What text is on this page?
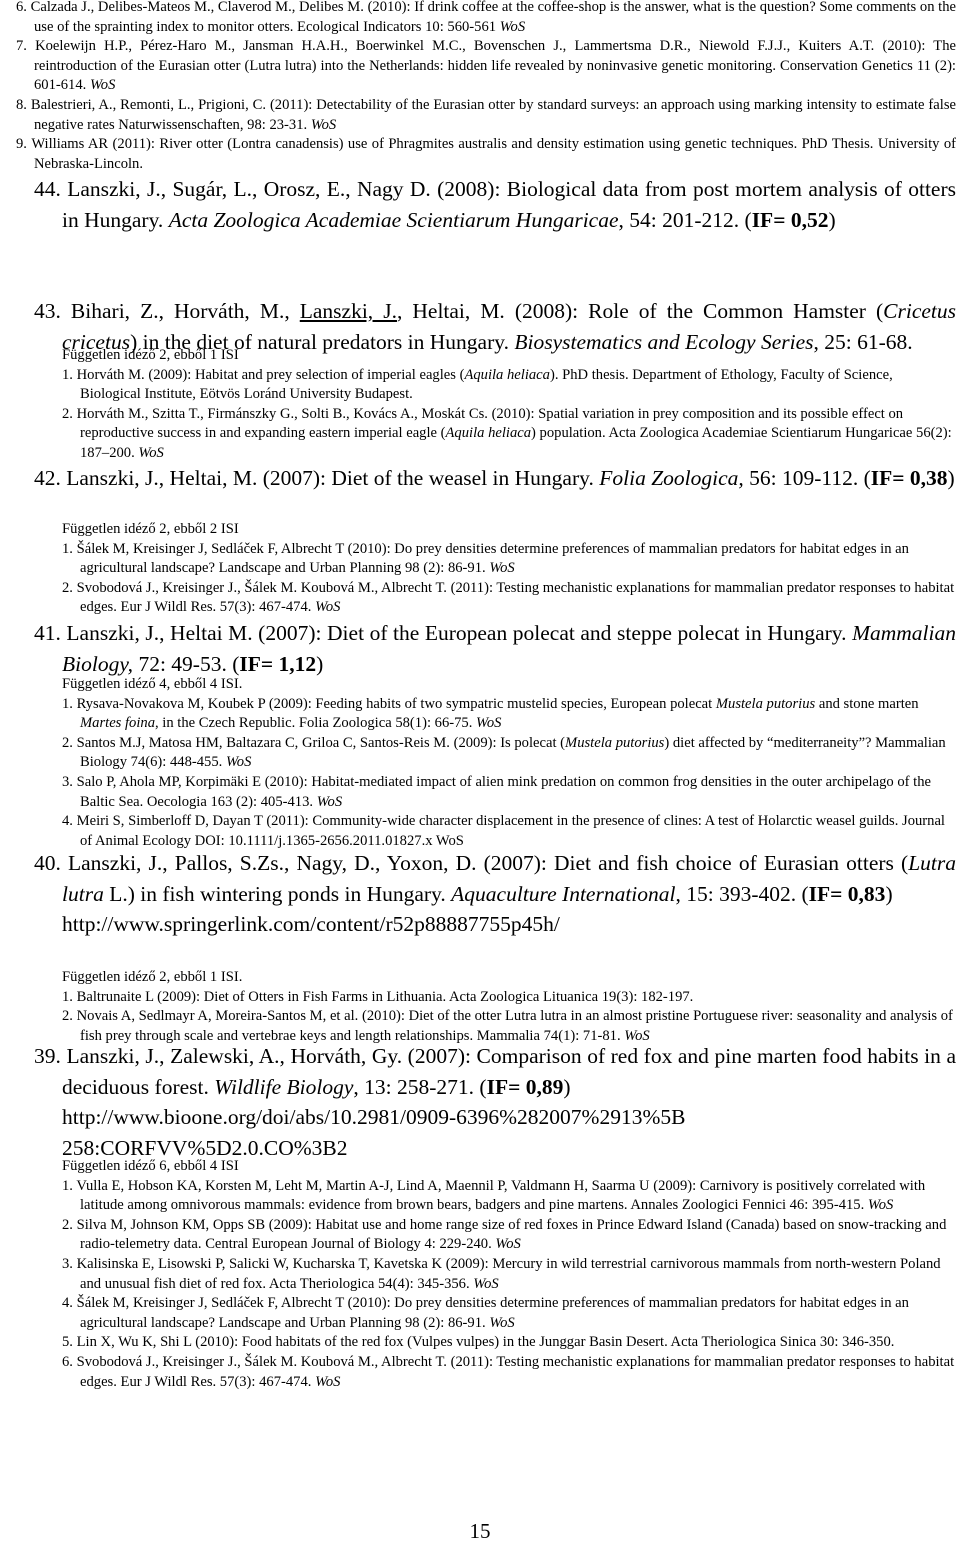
6. Calzada J., Delibes-Mateos M., Claverod M., Delibes M. (2010): If drink coffee at the coffee-shop is the answer, what is the question? Some comments on the use of the sprainting index to monitor otters. Ecological Indicators 10: 560-561 WoS
7. Koelewijn H.P., Pérez-Haro M., Jansman H.A.H., Boerwinkel M.C., Bovenschen J., Lammertsma D.R., Niewold F.J.J., Kuiters A.T. (2010): The reintroduction of the Eurasian otter (Lutra lutra) into the Netherlands: hidden life revealed by noninvasive genetic monitoring. Conservation Genetics 11 (2): 601-614. WoS
8. Balestrieri, A., Remonti, L., Prigioni, C. (2011): Detectability of the Eurasian otter by standard surveys: an approach using marking intensity to estimate false negative rates Naturwissenschaften, 98: 23-31. WoS
9. Williams AR (2011): River otter (Lontra canadensis) use of Phragmites australis and density estimation using genetic techniques. PhD Thesis. University of Nebraska-Lincoln.
44. Lanszki, J., Sugár, L., Orosz, E., Nagy D. (2008): Biological data from post mortem analysis of otters in Hungary. Acta Zoologica Academiae Scientiarum Hungaricae, 54: 201-212. (IF= 0,52)
43. Bihari, Z., Horváth, M., Lanszki, J., Heltai, M. (2008): Role of the Common Hamster (Cricetus cricetus) in the diet of natural predators in Hungary. Biosystematics and Ecology Series, 25: 61-68.
Független idéző 2, ebből 1 ISI
1. Horváth M. (2009): Habitat and prey selection of imperial eagles (Aquila heliaca). PhD thesis. Department of Ethology, Faculty of Science, Biological Institute, Eötvös Loránd University Budapest.
2. Horváth M., Szitta T., Firmánszky G., Solti B., Kovács A., Moskát Cs. (2010): Spatial variation in prey composition and its possible effect on reproductive success in and expanding eastern imperial eagle (Aquila heliaca) population. Acta Zoologica Academiae Scientiarum Hungaricae 56(2): 187–200. WoS
42. Lanszki, J., Heltai, M. (2007): Diet of the weasel in Hungary. Folia Zoologica, 56: 109-112. (IF= 0,38)
Független idéző 2, ebből 2 ISI
1. Šálek M, Kreisinger J, Sedláček F, Albrecht T (2010): Do prey densities determine preferences of mammalian predators for habitat edges in an agricultural landscape? Landscape and Urban Planning 98 (2): 86-91. WoS
2. Svobodová J., Kreisinger J., Šálek M. Koubová M., Albrecht T. (2011): Testing mechanistic explanations for mammalian predator responses to habitat edges. Eur J Wildl Res. 57(3): 467-474. WoS
41. Lanszki, J., Heltai M. (2007): Diet of the European polecat and steppe polecat in Hungary. Mammalian Biology, 72: 49-53. (IF= 1,12)
Független idéző 4, ebből 4 ISI.
1. Rysava-Novakova M, Koubek P (2009): Feeding habits of two sympatric mustelid species, European polecat Mustela putorius and stone marten Martes foina, in the Czech Republic. Folia Zoologica 58(1): 66-75. WoS
2. Santos M.J, Matosa HM, Baltazara C, Griloa C, Santos-Reis M. (2009): Is polecat (Mustela putorius) diet affected by “mediterraneity”? Mammalian Biology 74(6): 448-455. WoS
3. Salo P, Ahola MP, Korpimäki E (2010): Habitat-mediated impact of alien mink predation on common frog densities in the outer archipelago of the Baltic Sea. Oecologia 163 (2): 405-413. WoS
4. Meiri S, Simberloff D, Dayan T (2011): Community-wide character displacement in the presence of clines: A test of Holarctic weasel guilds. Journal of Animal Ecology DOI: 10.1111/j.1365-2656.2011.01827.x WoS
40. Lanszki, J., Pallos, S.Zs., Nagy, D., Yoxon, D. (2007): Diet and fish choice of Eurasian otters (Lutra lutra L.) in fish wintering ponds in Hungary. Aquaculture International, 15: 393-402. (IF= 0,83)
http://www.springerlink.com/content/r52p88887755p45h/
Független idéző 2, ebből 1 ISI.
1. Baltrunaite L (2009): Diet of Otters in Fish Farms in Lithuania. Acta Zoologica Lituanica 19(3): 182-197.
2. Novais A, Sedlmayr A, Moreira-Santos M, et al. (2010): Diet of the otter Lutra lutra in an almost pristine Portuguese river: seasonality and analysis of fish prey through scale and vertebrae keys and length relationships. Mammalia 74(1): 71-81. WoS
39. Lanszki, J., Zalewski, A., Horváth, Gy. (2007): Comparison of red fox and pine marten food habits in a deciduous forest. Wildlife Biology, 13: 258-271. (IF= 0,89)
http://www.bioone.org/doi/abs/10.2981/0909-6396%282007%2913%5B258:CORFVV%5D2.0.CO%3B2
Független idéző 6, ebből 4 ISI
1. Vulla E, Hobson KA, Korsten M, Leht M, Martin A-J, Lind A, Maennil P, Valdmann H, Saarma U (2009): Carnivory is positively correlated with latitude among omnivorous mammals: evidence from brown bears, badgers and pine martens. Annales Zoologici Fennici 46: 395-415. WoS
2. Silva M, Johnson KM, Opps SB (2009): Habitat use and home range size of red foxes in Prince Edward Island (Canada) based on snow-tracking and radio-telemetry data. Central European Journal of Biology 4: 229-240. WoS
3. Kalisinska E, Lisowski P, Salicki W, Kucharska T, Kavetska K (2009): Mercury in wild terrestrial carnivorous mammals from north-western Poland and unusual fish diet of red fox. Acta Theriologica 54(4): 345-356. WoS
4. Šálek M, Kreisinger J, Sedláček F, Albrecht T (2010): Do prey densities determine preferences of mammalian predators for habitat edges in an agricultural landscape? Landscape and Urban Planning 98 (2): 86-91. WoS
5. Lin X, Wu K, Shi L (2010): Food habitats of the red fox (Vulpes vulpes) in the Junggar Basin Desert. Acta Theriologica Sinica 30: 346-350.
6. Svobodová J., Kreisinger J., Šálek M. Koubová M., Albrecht T. (2011): Testing mechanistic explanations for mammalian predator responses to habitat edges. Eur J Wildl Res. 57(3): 467-474. WoS
15
